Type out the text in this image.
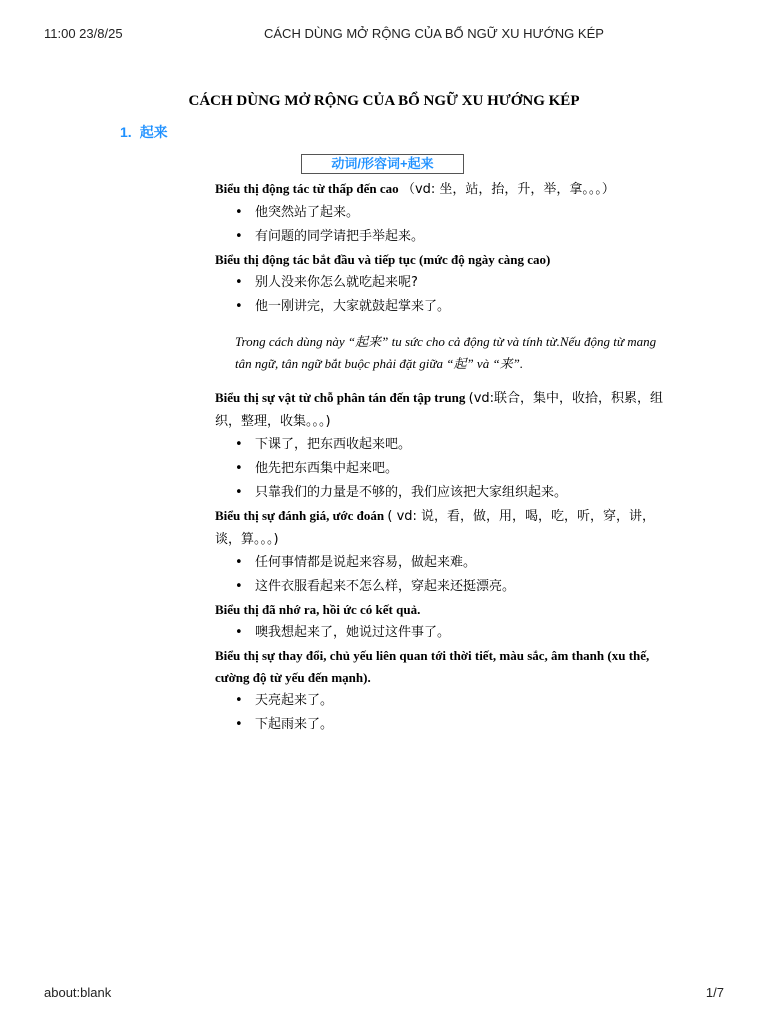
11:00 23/8/25	CÁCH DÙNG MỞ RỘNG CỦA BỔ NGỮ XU HƯỚNG KÉP
CÁCH DÙNG MỞ RỘNG CỦA BỔ NGỮ XU HƯỚNG KÉP
1. 起来
动词/形容词+起来
Biểu thị động tác từ thấp đến cao （vd: 坐，站，抬，升，举，拿。。。）
• 他突然站了起来。
• 有问题的同学请把手举起来。
Biểu thị động tác bắt đầu và tiếp tục (mức độ ngày càng cao)
• 别人没来你怎么就吃起来呢?
• 他一刚讲完，大家就鼓起掌来了。
Trong cách dùng này “起来” tu sức cho cả động từ và tính từ.Nếu động từ mang tân ngữ, tân ngữ bắt buộc phải đặt giữa “起” và “来”.
Biểu thị sự vật từ chỗ phân tán đến tập trung (vd:联合，集中，收拾，积累，组织，整理，收集。。。)
• 下课了，把东西收起来吧。
• 他先把东西集中起来吧。
• 只靠我们的力量是不够的，我们应该把大家组织起来。
Biểu thị sự đánh giá, ước đoán ( vd: 说，看，做，用，喝，吃，听，穿，讲，谈，算。。。)
• 任何事情都是说起来容易，做起来难。
• 这件衣服看起来不怎么样，穿起来还挺漂亮。
Biểu thị đã nhớ ra, hồi ức có kết quả.
• 噢我想起来了，她说过这件事了。
Biểu thị sự thay đổi, chủ yếu liên quan tới thời tiết, màu sắc, âm thanh (xu thế, cường độ từ yếu đến mạnh).
• 天亮起来了。
• 下起雨来了。
about:blank	1/7
